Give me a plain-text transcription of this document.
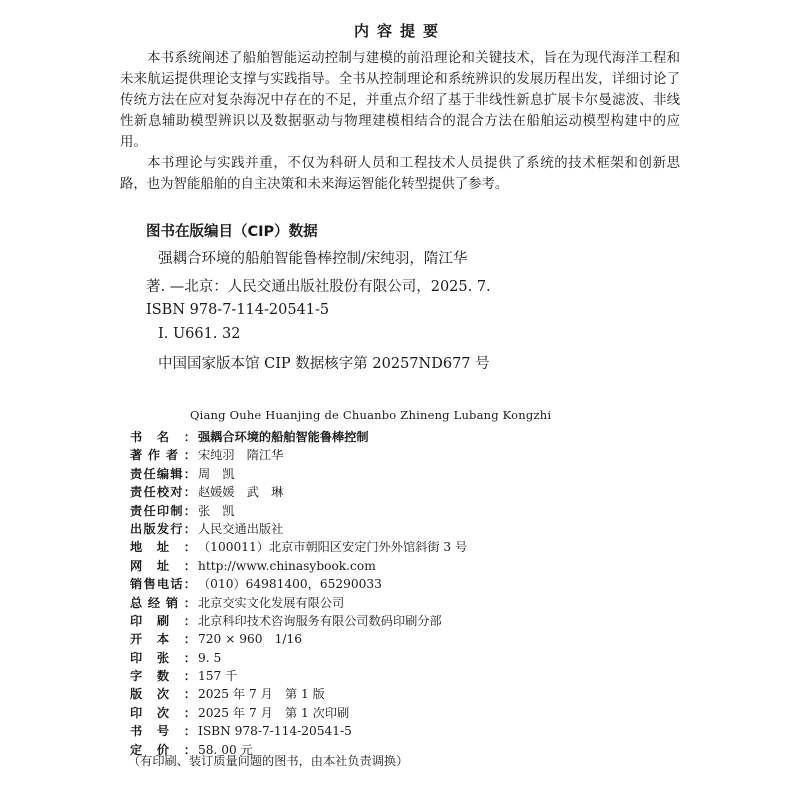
内容提要

本书系统阐述了船舶智能运动控制与建模的前沿理论和关键技术，旨在为现代海洋工程和未来航运提供理论支撑与实践指导。全书从控制理论和系统辨识的发展历程出发，详细讨论了传统方法在应对复杂海况中存在的不足，并重点介绍了基于非线性新息扩展卡尔曼滤波、非线性新息辅助模型辨识以及数据驱动与物理建模相结合的混合方法在船舶运动模型构建中的应用。

本书理论与实践并重，不仅为科研人员和工程技术人员提供了系统的技术框架和创新思路，也为智能船舶的自主决策和未来海运智能化转型提供了参考。

图书在版编目（CIP）数据
强耦合环境的船舶智能鲁棒控制/宋纯羽，隋江华
著. —北京：人民交通出版社股份有限公司，2025. 7.
ISBN 978-7-114-20541-5
Ⅰ. U661. 32
中国国家版本馆 CIP 数据核字第 20257ND677 号
Qiang Ouhe Huanjing de Chuanbo Zhineng Lubang Kongzhi
书名： 强耦合环境的船舶智能鲁棒控制
著作者： 宋纯羽　隋江华
责任编辑： 周　凯
责任校对： 赵媛媛　武　琳
责任印制： 张　凯
出版发行： 人民交通出版社
地址： （100011）北京市朝阳区安定门外外馆斜街 3 号
网址： http://www.chinasybook.com
销售电话： （010）64981400，65290033
总经销： 北京交实文化发展有限公司
印刷： 北京科印技术咨询服务有限公司数码印刷分部
开本： 720 × 960　1/16
印张： 9. 5
字数： 157 千
版次： 2025 年 7 月　第 1 版
印次： 2025 年 7 月　第 1 次印刷
书号： ISBN 978-7-114-20541-5
定价： 58. 00 元
（有印刷、装订质量问题的图书，由本社负责调换）
